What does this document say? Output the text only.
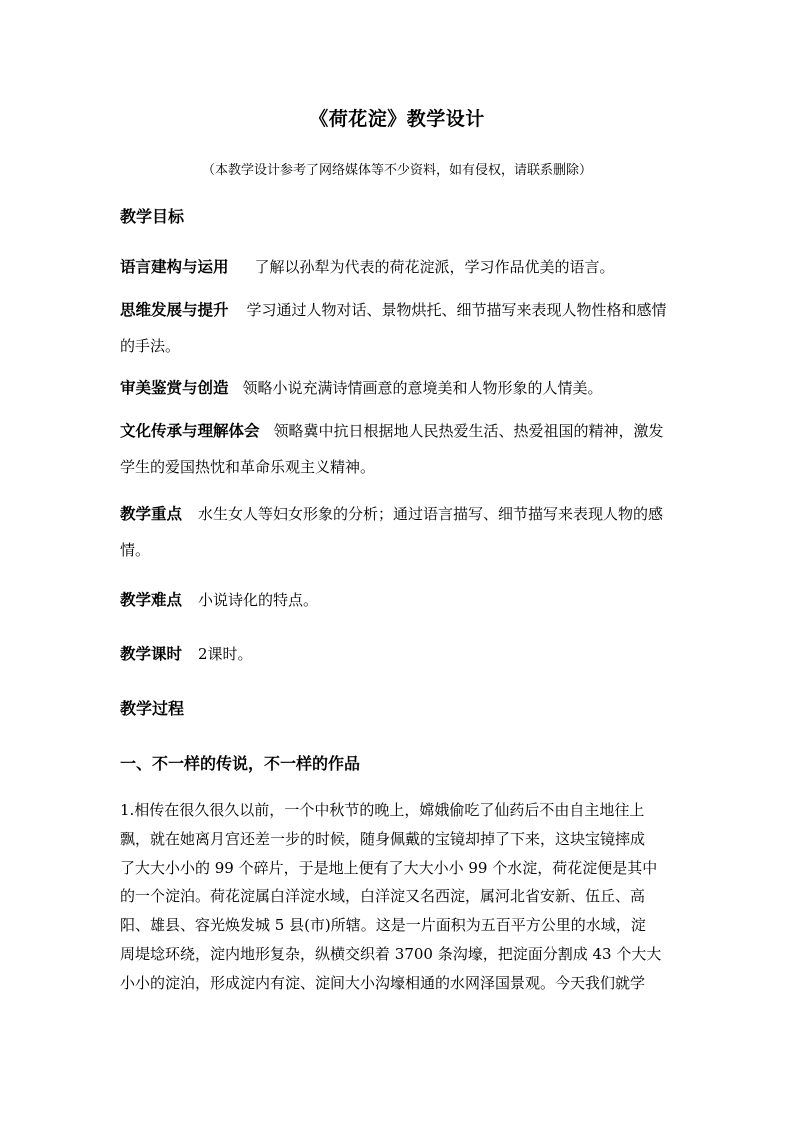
《荷花淀》教学设计
（本教学设计参考了网络媒体等不少资料，如有侵权，请联系删除）
教学目标
语言建构与运用 了解以孙犁为代表的荷花淀派，学习作品优美的语言。
思维发展与提升 学习通过人物对话、景物烘托、细节描写来表现人物性格和感情的手法。
审美鉴赏与创造 领略小说充满诗情画意的意境美和人物形象的人情美。
文化传承与理解体会 领略冀中抗日根据地人民热爱生活、热爱祖国的精神，激发学生的爱国热忱和革命乐观主义精神。
教学重点 水生女人等妇女形象的分析；通过语言描写、细节描写来表现人物的感情。
教学难点 小说诗化的特点。
教学课时 2课时。
教学过程
一、不一样的传说，不一样的作品
1.相传在很久很久以前，一个中秋节的晚上，嫦娥偷吃了仙药后不由自主地往上
飘，就在她离月宫还差一步的时候，随身佩戴的宝镜却掉了下来，这块宝镜摔成
了大大小小的 99 个碎片，于是地上便有了大大小小 99 个水淀，荷花淀便是其中
的一个淀泊。荷花淀属白洋淀水域，白洋淀又名西淀，属河北省安新、伍丘、高
阳、雄县、容光焕发城 5 县(市)所辖。这是一片面积为五百平方公里的水域，淀
周堤埝环绕，淀内地形复杂，纵横交织着 3700 条沟壕，把淀面分割成 43 个大大
小小的淀泊，形成淀内有淀、淀间大小沟壕相通的水网泽国景观。今天我们就学
